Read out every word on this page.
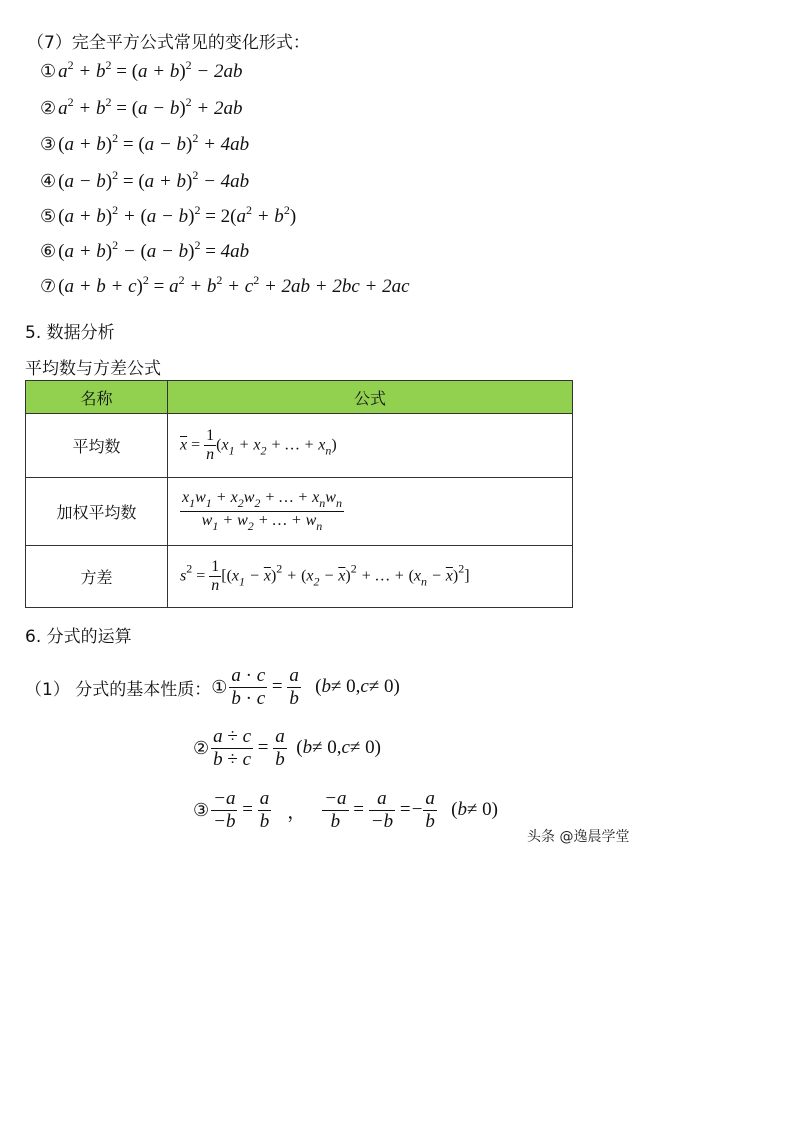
（7）完全平方公式常见的变化形式：
① $a^2 + b^2 = (a + b)^2 - 2ab$
② $a^2 + b^2 = (a - b)^2 + 2ab$
③ $(a + b)^2 = (a - b)^2 + 4ab$
④ $(a - b)^2 = (a + b)^2 - 4ab$
⑤ $(a + b)^2 + (a - b)^2 = 2(a^2 + b^2)$
⑥ $(a + b)^2 - (a - b)^2 = 4ab$
⑦ $(a + b + c)^2 = a^2 + b^2 + c^2 + 2ab + 2bc + 2ac$
5. 数据分析
平均数与方差公式
名称	公式
平均数	$\overline{x} = \frac{1}{n} (x_1 + x_2$ + … + $x_n$)
加权平均数	$\frac{x_1w_1 + x_2w_2 + \dots + x_nw_n}{w_1 + w_2 + \dots + w_n}$

方差	$s^2 = \frac{1}{n} [(x_1 - \overline{x})^2 + (x_2 - \overline{x})^2$ + … + $(x_n - \overline{x})^2$]
6. 分式的运算
（1） 分式的基本性质： ① $\frac{a \cdot c}{b \cdot c}$
=
$\frac{a}{b}$
( b ≠ 0, c ≠ 0)
② $\frac{a \div c}{b \div c}$
=
$\frac{a}{b}$
( b ≠ 0, c ≠ 0)
③ $\frac{-a}{-b}$
=
$\frac{a}{b}$ ， $\frac{-a}{b}$
=
$\frac{a}{-b}$
= − $\frac{a}{b}$
( b ≠ 0)
头条 @逸晨学堂
